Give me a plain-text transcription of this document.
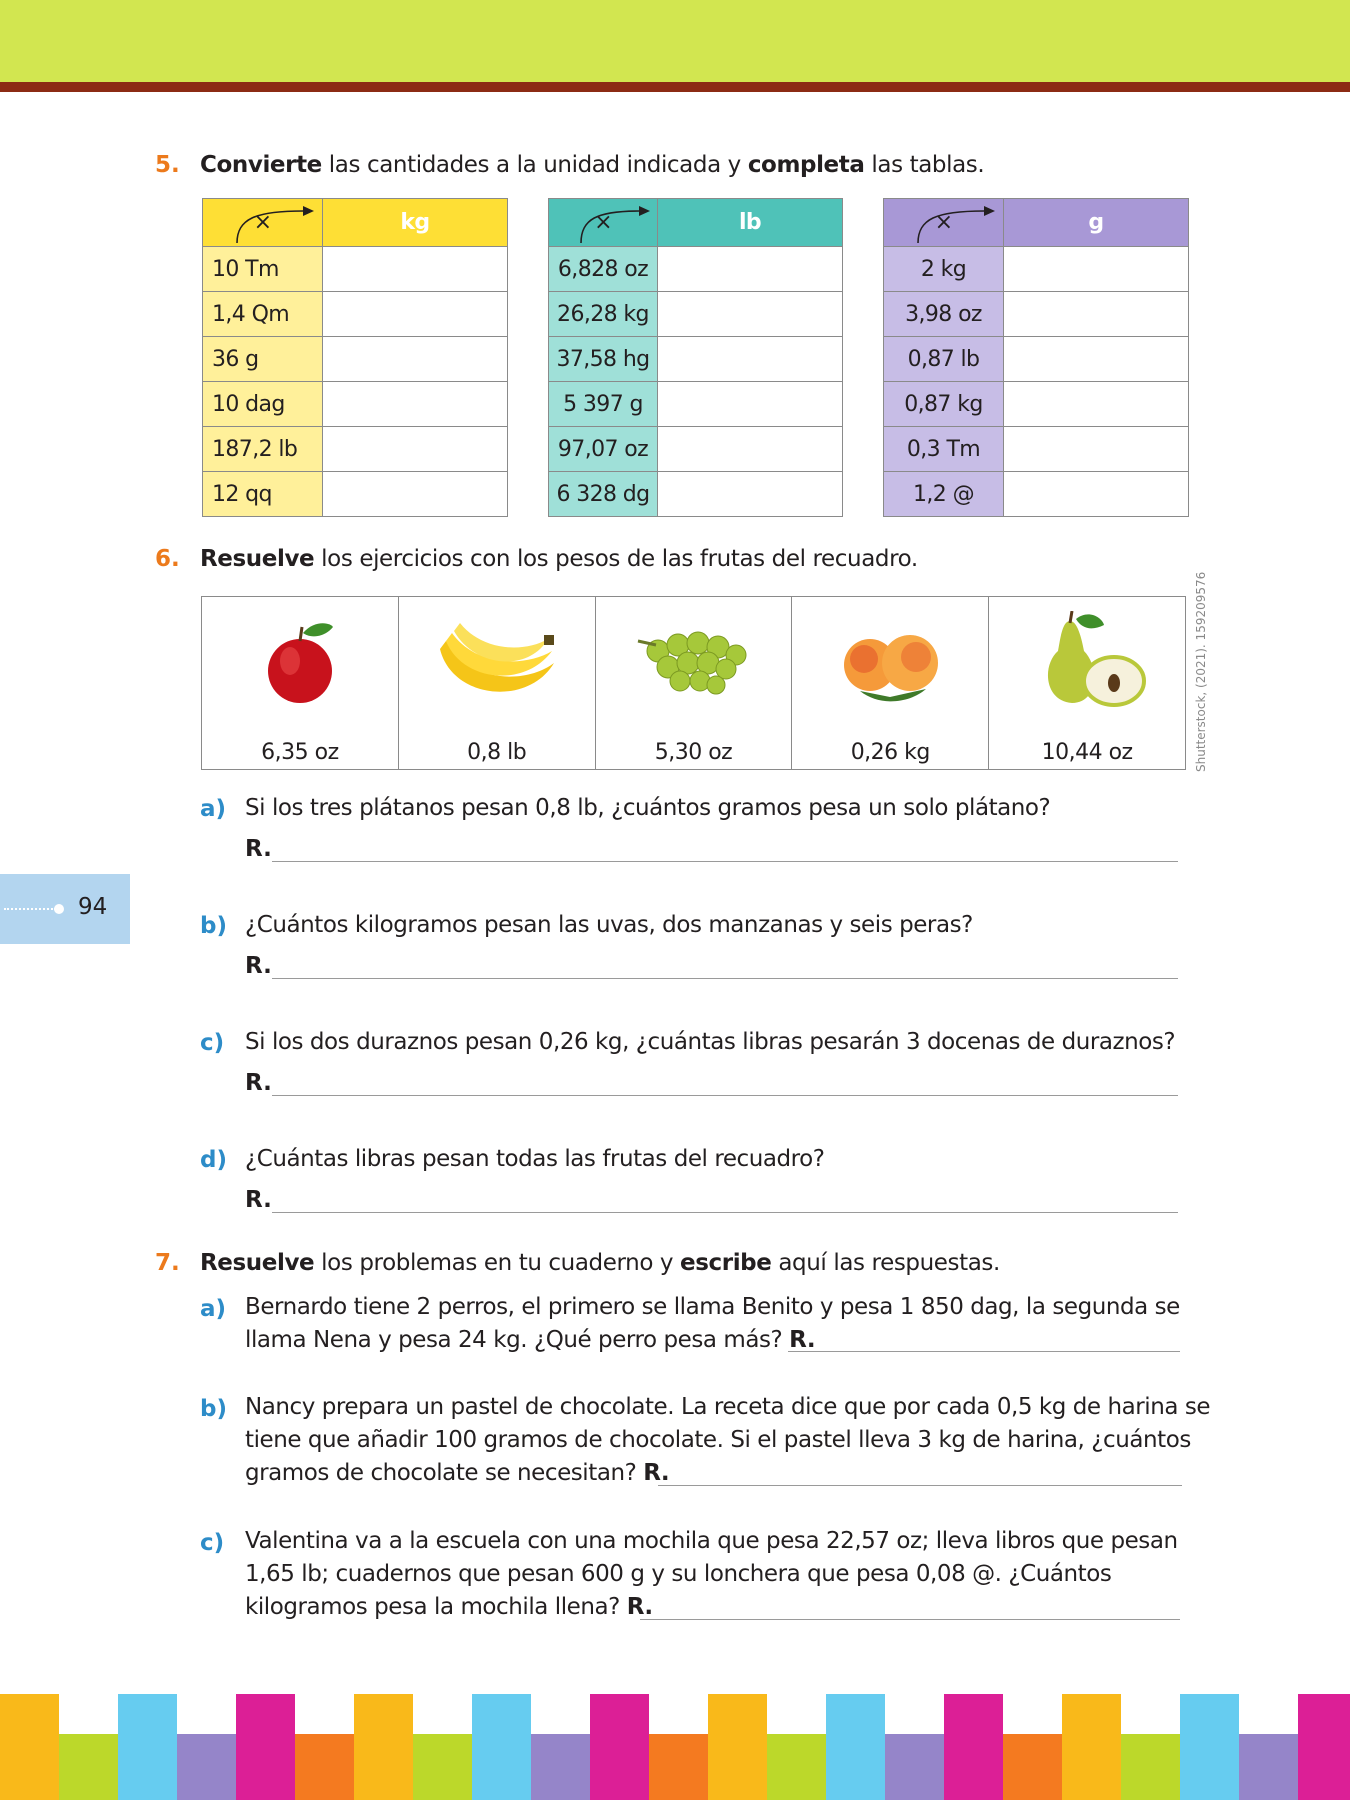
5. Convierte las cantidades a la unidad indicada y completa las tablas.
×	kg
10 Tm	
1,4 Qm	
36 g	
10 dag	
187,2 lb	
12 qq	
×	lb
6,828 oz	
26,28 kg	
37,58 hg	
5 397 g	
97,07 oz	
6 328 dg	
×	g
2 kg	
3,98 oz	
0,87 lb	
0,87 kg	
0,3 Tm	
1,2 @	
6. Resuelve los ejercicios con los pesos de las frutas del recuadro.
6,35 oz	0,8 lb	5,30 oz	0,26 kg	10,44 oz	Shutterstock, (2021). 159209576
a) Si los tres plátanos pesan 0,8 lb, ¿cuántos gramos pesa un solo plátano?
R.
b) ¿Cuántos kilogramos pesan las uvas, dos manzanas y seis peras?
R.
c) Si los dos duraznos pesan 0,26 kg, ¿cuántas libras pesarán 3 docenas de duraznos?
R.
d) ¿Cuántas libras pesan todas las frutas del recuadro?
R.
94
7. Resuelve los problemas en tu cuaderno y escribe aquí las respuestas.
a) Bernardo tiene 2 perros, el primero se llama Benito y pesa 1 850 dag, la segunda se
llama Nena y pesa 24 kg. ¿Qué perro pesa más? R.
b) Nancy prepara un pastel de chocolate. La receta dice que por cada 0,5 kg de harina se
tiene que añadir 100 gramos de chocolate. Si el pastel lleva 3 kg de harina, ¿cuántos
gramos de chocolate se necesitan? R.
c) Valentina va a la escuela con una mochila que pesa 22,57 oz; lleva libros que pesan
1,65 lb; cuadernos que pesan 600 g y su lonchera que pesa 0,08 @. ¿Cuántos
kilogramos pesa la mochila llena? R.
